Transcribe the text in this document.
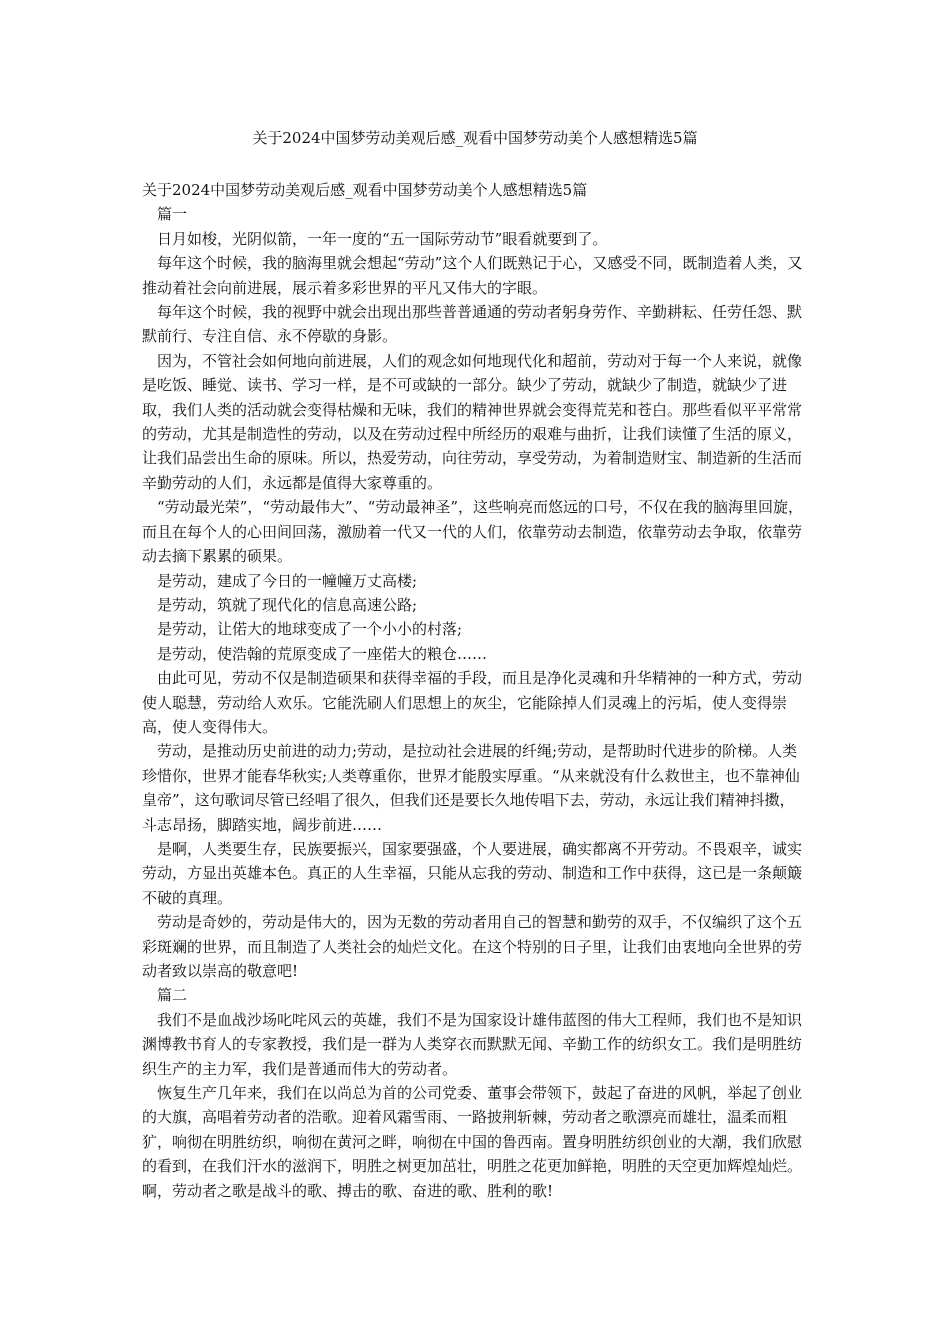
关于2024中国梦劳动美观后感_观看中国梦劳动美个人感想精选5篇

关于2024中国梦劳动美观后感_观看中国梦劳动美个人感想精选5篇

篇一

日月如梭，光阴似箭，一年一度的“五一国际劳动节”眼看就要到了。

每年这个时候，我的脑海里就会想起“劳动”这个人们既熟记于心，又感受不同，既制造着人类，又推动着社会向前进展，展示着多彩世界的平凡又伟大的字眼。

每年这个时候，我的视野中就会出现出那些普普通通的劳动者躬身劳作、辛勤耕耘、任劳任怨、默默前行、专注自信、永不停歇的身影。

因为，不管社会如何地向前进展，人们的观念如何地现代化和超前，劳动对于每一个人来说，就像是吃饭、睡觉、读书、学习一样，是不可或缺的一部分。缺少了劳动，就缺少了制造，就缺少了进取，我们人类的活动就会变得枯燥和无味，我们的精神世界就会变得荒芜和苍白。那些看似平平常常的劳动，尤其是制造性的劳动，以及在劳动过程中所经历的艰难与曲折，让我们读懂了生活的原义，让我们品尝出生命的原味。所以，热爱劳动，向往劳动，享受劳动，为着制造财宝、制造新的生活而辛勤劳动的人们，永远都是值得大家尊重的。

“劳动最光荣”，“劳动最伟大”、“劳动最神圣”，这些响亮而悠远的口号，不仅在我的脑海里回旋，而且在每个人的心田间回荡，激励着一代又一代的人们，依靠劳动去制造，依靠劳动去争取，依靠劳动去摘下累累的硕果。

是劳动，建成了今日的一幢幢万丈高楼;

是劳动，筑就了现代化的信息高速公路;

是劳动，让偌大的地球变成了一个小小的村落;

是劳动，使浩翰的荒原变成了一座偌大的粮仓……

由此可见，劳动不仅是制造硕果和获得幸福的手段，而且是净化灵魂和升华精神的一种方式，劳动使人聪慧，劳动给人欢乐。它能洗刷人们思想上的灰尘，它能除掉人们灵魂上的污垢，使人变得崇高，使人变得伟大。

劳动，是推动历史前进的动力;劳动，是拉动社会进展的纤绳;劳动，是帮助时代进步的阶梯。人类珍惜你，世界才能春华秋实;人类尊重你，世界才能殷实厚重。“从来就没有什么救世主，也不靠神仙皇帝”，这句歌词尽管已经唱了很久，但我们还是要长久地传唱下去，劳动，永远让我们精神抖擞，斗志昂扬，脚踏实地，阔步前进……

是啊，人类要生存，民族要振兴，国家要强盛，个人要进展，确实都离不开劳动。不畏艰辛，诚实劳动，方显出英雄本色。真正的人生幸福，只能从忘我的劳动、制造和工作中获得，这已是一条颠簸不破的真理。

劳动是奇妙的，劳动是伟大的，因为无数的劳动者用自己的智慧和勤劳的双手，不仅编织了这个五彩斑斓的世界，而且制造了人类社会的灿烂文化。在这个特别的日子里，让我们由衷地向全世界的劳动者致以崇高的敬意吧!

篇二

我们不是血战沙场叱咤风云的英雄，我们不是为国家设计雄伟蓝图的伟大工程师，我们也不是知识渊博教书育人的专家教授，我们是一群为人类穿衣而默默无闻、辛勤工作的纺织女工。我们是明胜纺织生产的主力军，我们是普通而伟大的劳动者。

恢复生产几年来，我们在以尚总为首的公司党委、董事会带领下，鼓起了奋进的风帆，举起了创业的大旗，高唱着劳动者的浩歌。迎着风霜雪雨、一路披荆斩棘，劳动者之歌漂亮而雄壮，温柔而粗犷，响彻在明胜纺织，响彻在黄河之畔，响彻在中国的鲁西南。置身明胜纺织创业的大潮，我们欣慰的看到，在我们汗水的滋润下，明胜之树更加茁壮，明胜之花更加鲜艳，明胜的天空更加辉煌灿烂。啊，劳动者之歌是战斗的歌、搏击的歌、奋进的歌、胜利的歌!
